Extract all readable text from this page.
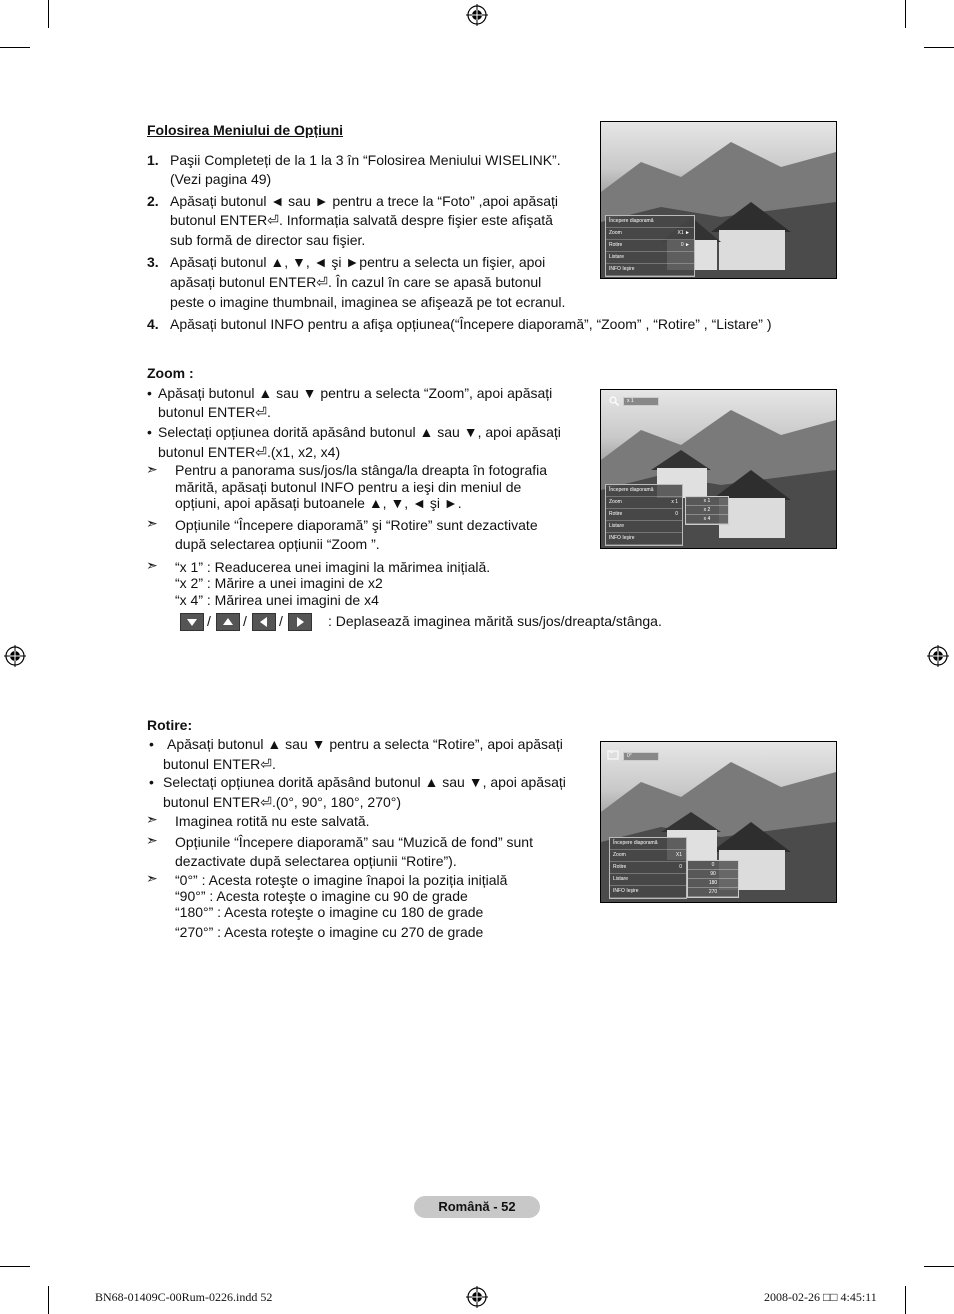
Folosirea Meniului de Opțiuni
1. Paşii Completeți de la 1 la 3 în “Folosirea Meniului WISELINK”.
(Vezi pagina 49)
2. Apăsați butonul ◄ sau ► pentru a trece la “Foto” ,apoi apăsați
butonul ENTER⏎. Informația salvată despre fişier este afişată
sub formă de director sau fişier.
3. Apăsați butonul ▲, ▼, ◄ şi ►pentru a selecta un fişier, apoi
apăsați butonul ENTER⏎. În cazul în care se apasă butonul
peste o imagine thumbnail, imaginea se afişează pe tot ecranul.
4. Apăsați butonul INFO pentru a afişa opțiunea(“Începere diaporamă”, “Zoom” , “Rotire” , “Listare” )
Începere diaporamă
Zoom	X1 ►
Rotire	0 ►
Listare
INFO Ieşire
Zoom :
• Apăsați butonul ▲ sau ▼ pentru a selecta “Zoom”, apoi apăsați
butonul ENTER⏎.
• Selectați opțiunea dorită apăsând butonul ▲ sau ▼, apoi apăsați
butonul ENTER⏎.(x1, x2, x4)
➣ Pentru a panorama sus/jos/la stânga/la dreapta în fotografia
mărită, apăsați butonul INFO pentru a ieşi din meniul de
opțiuni, apoi apăsați butoanele ▲, ▼, ◄ şi ►.
➣ Opțiunile “Începere diaporamă” şi “Rotire” sunt dezactivate
după selectarea opțiunii “Zoom ”.
➣ “x 1” : Readucerea unei imagini la mărimea inițială.
“x 2” : Mărire a unei imagini de x2
“x 4” : Mărirea unei imagini de x4
/ / /	: Deplasează imaginea mărită sus/jos/dreapta/stânga.
x 1
Începere diaporamă
Zoom	x 1
Rotire	0
Listare
INFO Ieşire
x 1
x 2
x 4
Rotire:
• Apăsați butonul ▲ sau ▼ pentru a selecta “Rotire”, apoi apăsați
butonul ENTER⏎.
• Selectați opțiunea dorită apăsând butonul ▲ sau ▼, apoi apăsați
butonul ENTER⏎.(0°, 90°, 180°, 270°)
➣ Imaginea rotită nu este salvată.
➣ Opțiunile “Începere diaporamă” sau “Muzică de fond” sunt
dezactivate după selectarea opțiunii “Rotire”).
➣ “0°” : Acesta roteşte o imagine înapoi la poziția inițială
“90°” : Acesta roteşte o imagine cu 90 de grade
“180°” : Acesta roteşte o imagine cu 180 de grade
“270°” : Acesta roteşte o imagine cu 270 de grade
0°
Începere diaporamă
Zoom	X1
Rotire	0
Listare
INFO Ieşire
0
90
180
270
Română - 52
BN68-01409C-00Rum-0226.indd 52	2008-02-26 □□ 4:45:11
